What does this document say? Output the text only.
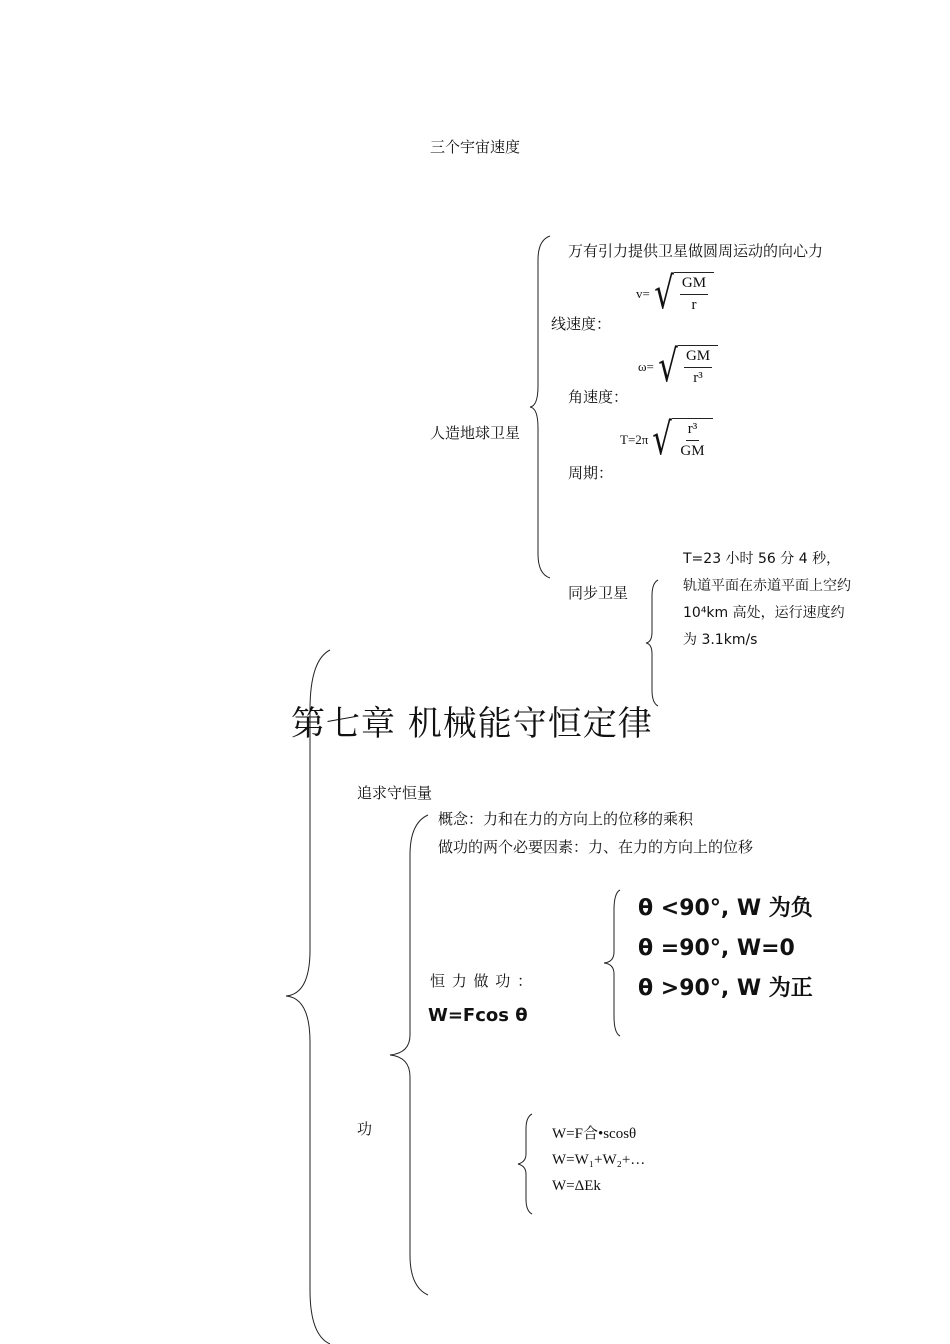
三个宇宙速度
人造地球卫星
万有引力提供卫星做圆周运动的向心力
线速度：
v= √ $\frac{GM}{r}$
角速度：
ω= √ $\frac{GM}{\text{r³}}$
周期：
T=2π √ $\frac{\text{r³}}{GM}$
同步卫星
T=23 小时 56 分 4 秒，轨道平面在赤道平面上空约 10⁴km 高处，运行速度约为 3.1km/s
第七章 机械能守恒定律
追求守恒量
功
概念：力和在力的方向上的位移的乘积
做功的两个必要因素：力、在力的方向上的位移
恒 力 做 功 ：
W=Fcos θ
θ <90°, W 为负
θ =90°, W=0
θ >90°, W 为正
W=F合•scosθ
W=W₁+W₂+…
W=ΔEk
